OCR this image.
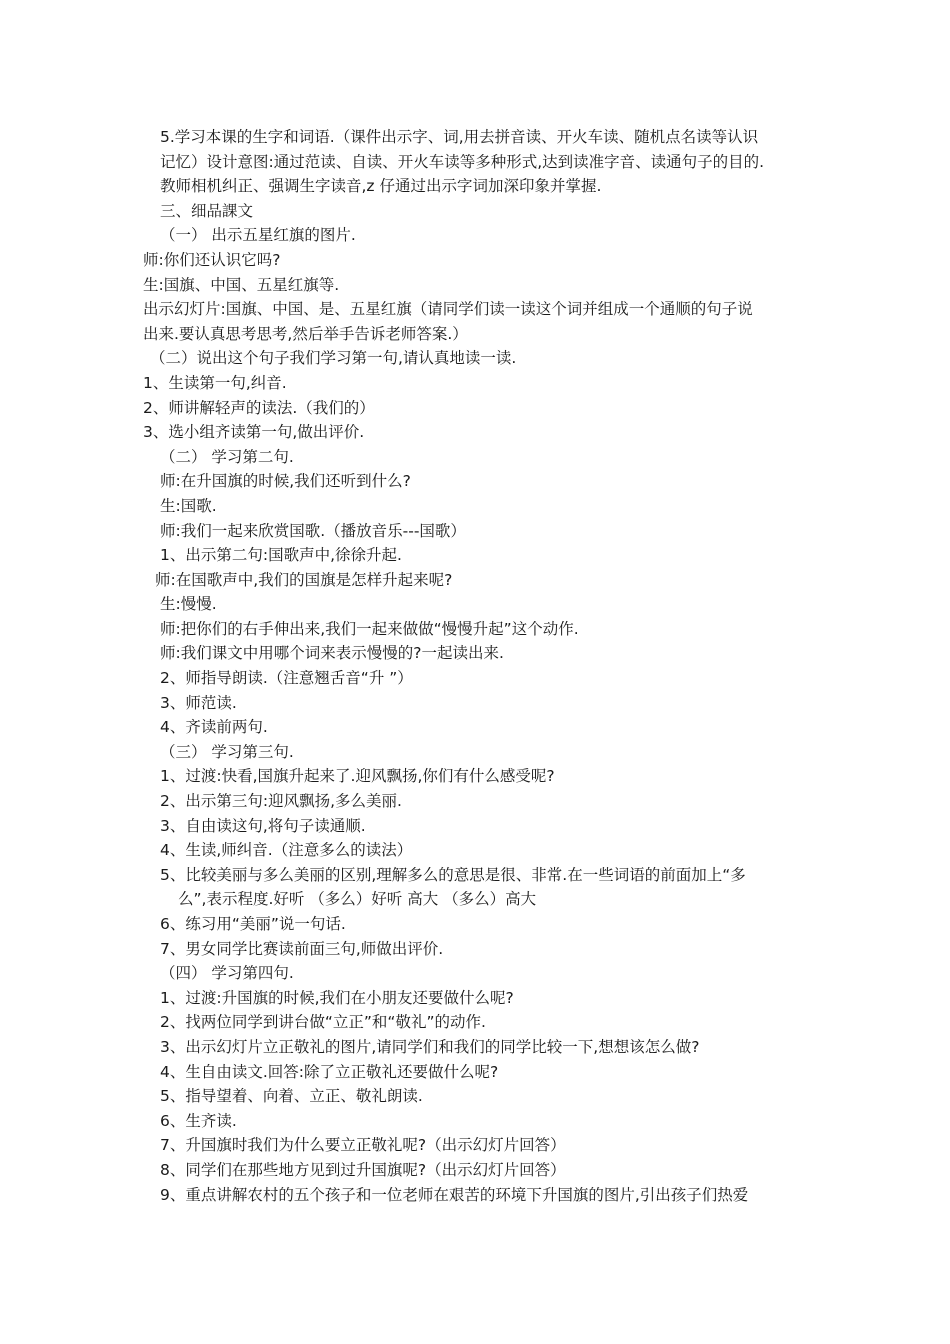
5.学习本课的生字和词语.（课件出示字、词,用去拼音读、开火车读、随机点名读等认识
记忆）设计意图:通过范读、自读、开火车读等多种形式,达到读准字音、读通句子的目的.
教师相机纠正、强调生字读音,z 仔通过出示字词加深印象并掌握.
三、细品課文
（一） 出示五星红旗的图片.
师:你们还认识它吗?
生:国旗、中国、五星红旗等.
出示幻灯片:国旗、中国、是、五星红旗（请同学们读一读这个词并组成一个通顺的句子说
出来.要认真思考思考,然后举手告诉老师答案.）
（二）说出这个句子我们学习第一句,请认真地读一读.
1、生读第一句,纠音.
2、师讲解轻声的读法.（我们的）
3、选小组齐读第一句,做出评价.
（二） 学习第二句.
师:在升国旗的时候,我们还听到什么?
生:国歌.
师:我们一起来欣赏国歌.（播放音乐---国歌）
1、出示第二句:国歌声中,徐徐升起.
师:在国歌声中,我们的国旗是怎样升起来呢?
生:慢慢.
师:把你们的右手伸出来,我们一起来做做“慢慢升起”这个动作.
师:我们课文中用哪个词来表示慢慢的?一起读出来.
2、师指导朗读.（注意翘舌音“升 ”）
3、师范读.
4、齐读前两句.
（三） 学习第三句.
1、过渡:快看,国旗升起来了.迎风飘扬,你们有什么感受呢?
2、出示第三句:迎风飘扬,多么美丽.
3、自由读这句,将句子读通顺.
4、生读,师纠音.（注意多么的读法）
5、比较美丽与多么美丽的区别,理解多么的意思是很、非常.在一些词语的前面加上“多
么”,表示程度.好听 （多么）好听 高大 （多么）高大
6、练习用“美丽”说一句话.
7、男女同学比赛读前面三句,师做出评价.
（四） 学习第四句.
1、过渡:升国旗的时候,我们在小朋友还要做什么呢?
2、找两位同学到讲台做“立正”和“敬礼”的动作.
3、出示幻灯片立正敬礼的图片,请同学们和我们的同学比较一下,想想该怎么做?
4、生自由读文.回答:除了立正敬礼还要做什么呢?
5、指导望着、向着、立正、敬礼朗读.
6、生齐读.
7、升国旗时我们为什么要立正敬礼呢?（出示幻灯片回答）
8、同学们在那些地方见到过升国旗呢?（出示幻灯片回答）
9、重点讲解农村的五个孩子和一位老师在艰苦的环境下升国旗的图片,引出孩子们热爱
